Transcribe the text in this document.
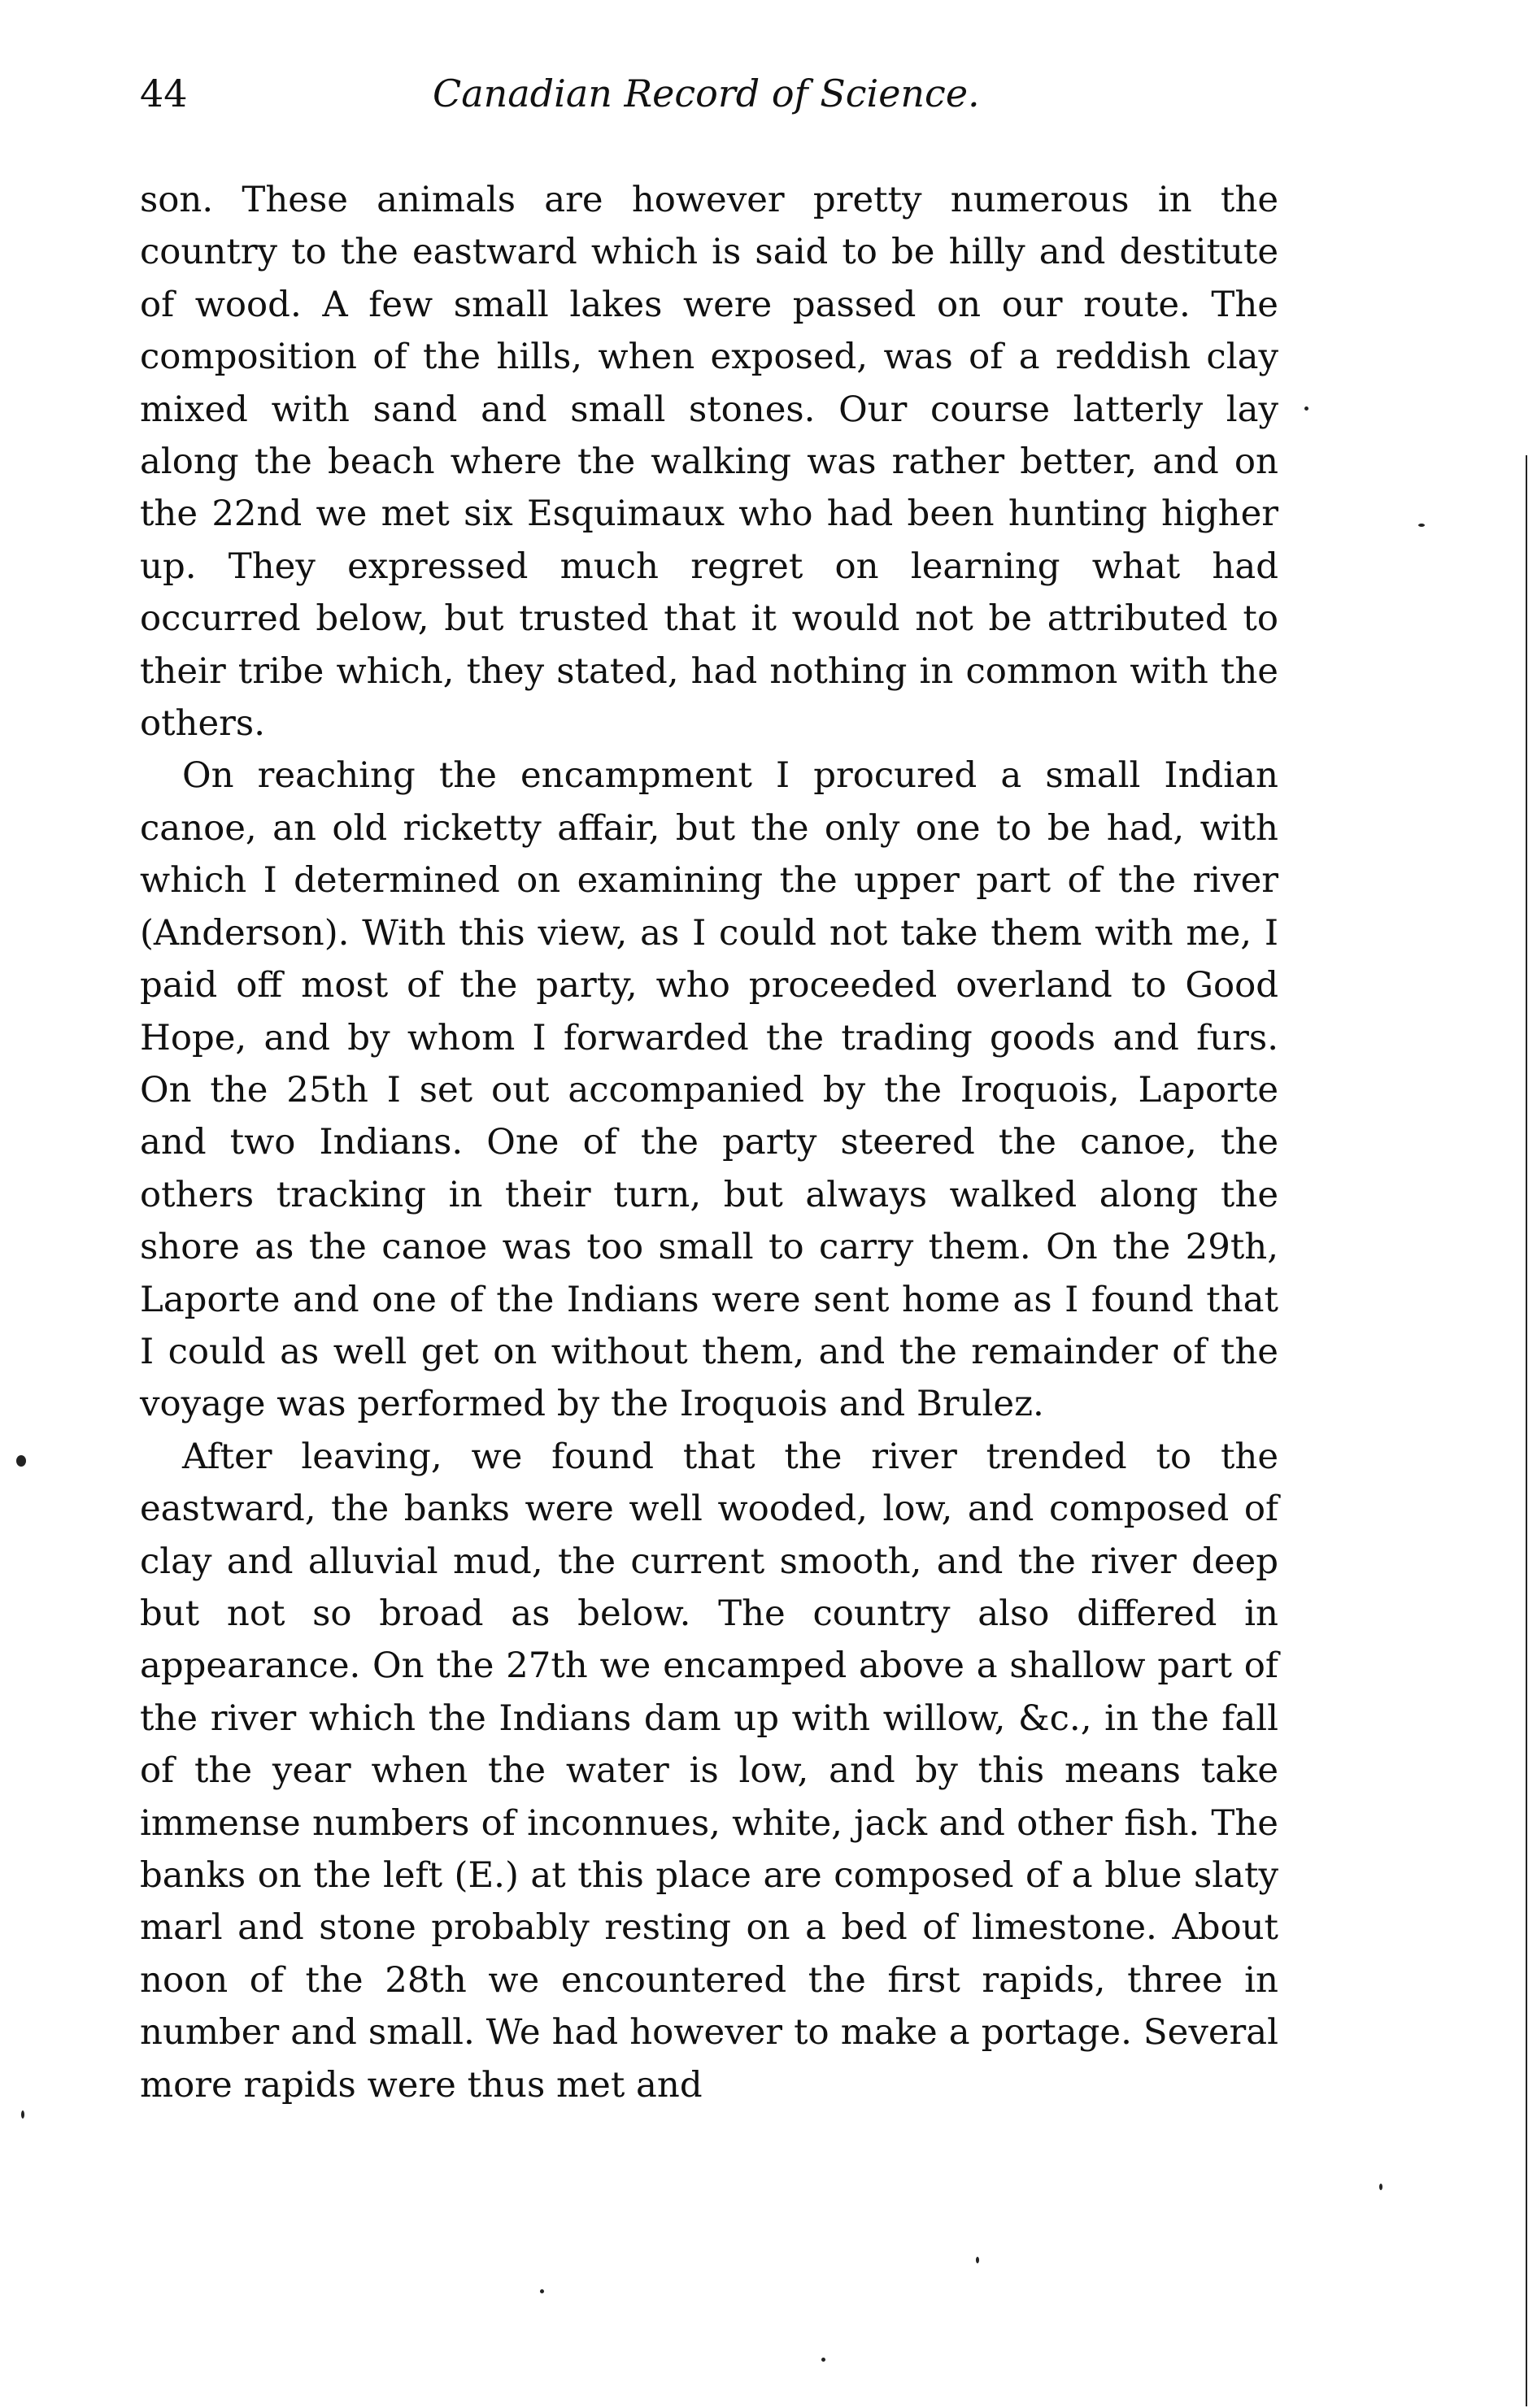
44	Canadian Record of Science.

son. These animals are however pretty numerous in the country to the eastward which is said to be hilly and destitute of wood. A few small lakes were passed on our route. The composition of the hills, when exposed, was of a reddish clay mixed with sand and small stones. Our course latterly lay along the beach where the walking was rather better, and on the 22nd we met six Esquimaux who had been hunting higher up. They expressed much regret on learning what had occurred below, but trusted that it would not be attributed to their tribe which, they stated, had nothing in common with the others.

On reaching the encampment I procured a small Indian canoe, an old ricketty affair, but the only one to be had, with which I determined on examining the upper part of the river (Anderson). With this view, as I could not take them with me, I paid off most of the party, who proceeded overland to Good Hope, and by whom I forwarded the trading goods and furs. On the 25th I set out accompanied by the Iroquois, Laporte and two Indians. One of the party steered the canoe, the others tracking in their turn, but always walked along the shore as the canoe was too small to carry them. On the 29th, Laporte and one of the Indians were sent home as I found that I could as well get on without them, and the remainder of the voyage was performed by the Iroquois and Brulez.

After leaving, we found that the river trended to the eastward, the banks were well wooded, low, and composed of clay and alluvial mud, the current smooth, and the river deep but not so broad as below. The country also differed in appearance. On the 27th we encamped above a shallow part of the river which the Indians dam up with willow, &c., in the fall of the year when the water is low, and by this means take immense numbers of inconnues, white, jack and other fish. The banks on the left (E.) at this place are composed of a blue slaty marl and stone probably resting on a bed of limestone. About noon of the 28th we encountered the first rapids, three in number and small. We had however to make a portage. Several more rapids were thus met and
